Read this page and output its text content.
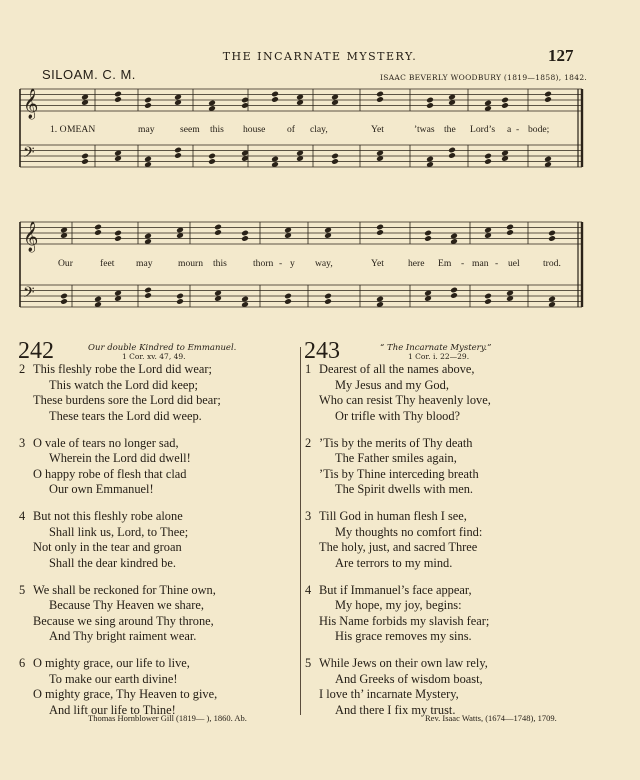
THE INCARNATE MYSTERY.	127
SILOAM. C. M.	ISAAC BEVERLY WOODBURY (1819—1858), 1842.
𝄞
𝄢
𝄞
𝄢
1. O MEAN	may	seem this house of clay,	Yet	’twas the Lord’s a - bode;
Our	feet may	mourn this	thorn - y way,	Yet	here Em - man - uel trod.
242	Our double Kindred to Emmanuel.
1 Cor. xv. 47, 49.	243	“ The Incarnate Mystery.”
1 Cor. i. 22—29.
2 This fleshly robe the Lord did wear;
This watch the Lord did keep;
These burdens sore the Lord did bear;
These tears the Lord did weep.
3 O vale of tears no longer sad,
Wherein the Lord did dwell!
O happy robe of flesh that clad
Our own Emmanuel!
4 But not this fleshly robe alone
Shall link us, Lord, to Thee;
Not only in the tear and groan
Shall the dear kindred be.
5 We shall be reckoned for Thine own,
Because Thy Heaven we share,
Because we sing around Thy throne,
And Thy bright raiment wear.
6 O mighty grace, our life to live,
To make our earth divine!
O mighty grace, Thy Heaven to give,
And lift our life to Thine!
1 Dearest of all the names above,
My Jesus and my God,
Who can resist Thy heavenly love,
Or trifle with Thy blood?
2 ’Tis by the merits of Thy death
The Father smiles again,
’Tis by Thine interceding breath
The Spirit dwells with men.
3 Till God in human flesh I see,
My thoughts no comfort find:
The holy, just, and sacred Three
Are terrors to my mind.
4 But if Immanuel’s face appear,
My hope, my joy, begins:
His Name forbids my slavish fear;
His grace removes my sins.
5 While Jews on their own law rely,
And Greeks of wisdom boast,
I love th’ incarnate Mystery,
And there I fix my trust.
Thomas Hornblower Gill (1819— ), 1860. Ab.	Rev. Isaac Watts, (1674—1748), 1709.
